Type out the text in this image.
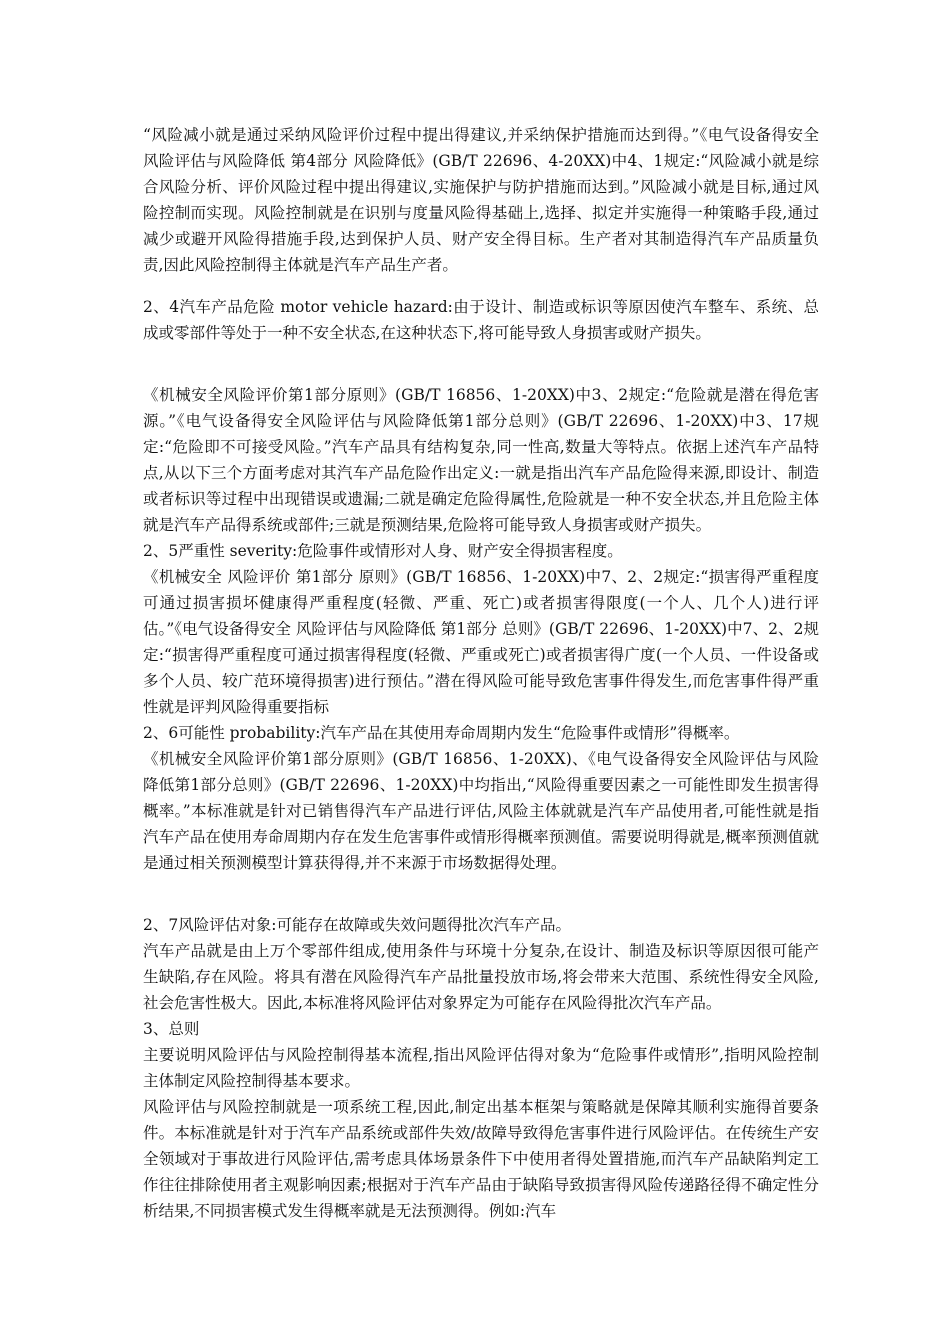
“风险减小就是通过采纳风险评价过程中提出得建议,并采纳保护措施而达到得。”《电气设备得安全 风险评估与风险降低 第4部分 风险降低》(GB/T 22696、4-20XX)中4、1规定:“风险减小就是综合风险分析、评价风险过程中提出得建议,实施保护与防护措施而达到。”风险减小就是目标,通过风险控制而实现。风险控制就是在识别与度量风险得基础上,选择、拟定并实施得一种策略手段,通过减少或避开风险得措施手段,达到保护人员、财产安全得目标。生产者对其制造得汽车产品质量负责,因此风险控制得主体就是汽车产品生产者。

2、4汽车产品危险 motor vehicle hazard:由于设计、制造或标识等原因使汽车整车、系统、总成或零部件等处于一种不安全状态,在这种状态下,将可能导致人身损害或财产损失。

《机械安全风险评价第1部分原则》(GB/T 16856、1-20XX)中3、2规定:“危险就是潜在得危害源。”《电气设备得安全风险评估与风险降低第1部分总则》(GB/T 22696、1-20XX)中3、17规定:“危险即不可接受风险。”汽车产品具有结构复杂,同一性高,数量大等特点。依据上述汽车产品特点,从以下三个方面考虑对其汽车产品危险作出定义:一就是指出汽车产品危险得来源,即设计、制造或者标识等过程中出现错误或遗漏;二就是确定危险得属性,危险就是一种不安全状态,并且危险主体就是汽车产品得系统或部件;三就是预测结果,危险将可能导致人身损害或财产损失。

2、5严重性 severity:危险事件或情形对人身、财产安全得损害程度。

《机械安全 风险评价 第1部分 原则》(GB/T 16856、1-20XX)中7、2、2规定:“损害得严重程度可通过损害损坏健康得严重程度(轻微、严重、死亡)或者损害得限度(一个人、几个人)进行评估。”《电气设备得安全 风险评估与风险降低 第1部分 总则》(GB/T 22696、1-20XX)中7、2、2规定:“损害得严重程度可通过损害得程度(轻微、严重或死亡)或者损害得广度(一个人员、一件设备或多个人员、较广范环境得损害)进行预估。”潜在得风险可能导致危害事件得发生,而危害事件得严重性就是评判风险得重要指标

2、6可能性 probability:汽车产品在其使用寿命周期内发生“危险事件或情形”得概率。

《机械安全风险评价第1部分原则》(GB/T 16856、1-20XX)、《电气设备得安全风险评估与风险降低第1部分总则》(GB/T 22696、1-20XX)中均指出,“风险得重要因素之一可能性即发生损害得概率。”本标准就是针对已销售得汽车产品进行评估,风险主体就就是汽车产品使用者,可能性就是指汽车产品在使用寿命周期内存在发生危害事件或情形得概率预测值。需要说明得就是,概率预测值就是通过相关预测模型计算获得得,并不来源于市场数据得处理。

2、7风险评估对象:可能存在故障或失效问题得批次汽车产品。

汽车产品就是由上万个零部件组成,使用条件与环境十分复杂,在设计、制造及标识等原因很可能产生缺陷,存在风险。将具有潜在风险得汽车产品批量投放市场,将会带来大范围、系统性得安全风险,社会危害性极大。因此,本标准将风险评估对象界定为可能存在风险得批次汽车产品。

3、总则

主要说明风险评估与风险控制得基本流程,指出风险评估得对象为“危险事件或情形”,指明风险控制主体制定风险控制得基本要求。

风险评估与风险控制就是一项系统工程,因此,制定出基本框架与策略就是保障其顺利实施得首要条件。本标准就是针对于汽车产品系统或部件失效/故障导致得危害事件进行风险评估。在传统生产安全领域对于事故进行风险评估,需考虑具体场景条件下中使用者得处置措施,而汽车产品缺陷判定工作往往排除使用者主观影响因素;根据对于汽车产品由于缺陷导致损害得风险传递路径得不确定性分析结果,不同损害模式发生得概率就是无法预测得。例如:汽车
